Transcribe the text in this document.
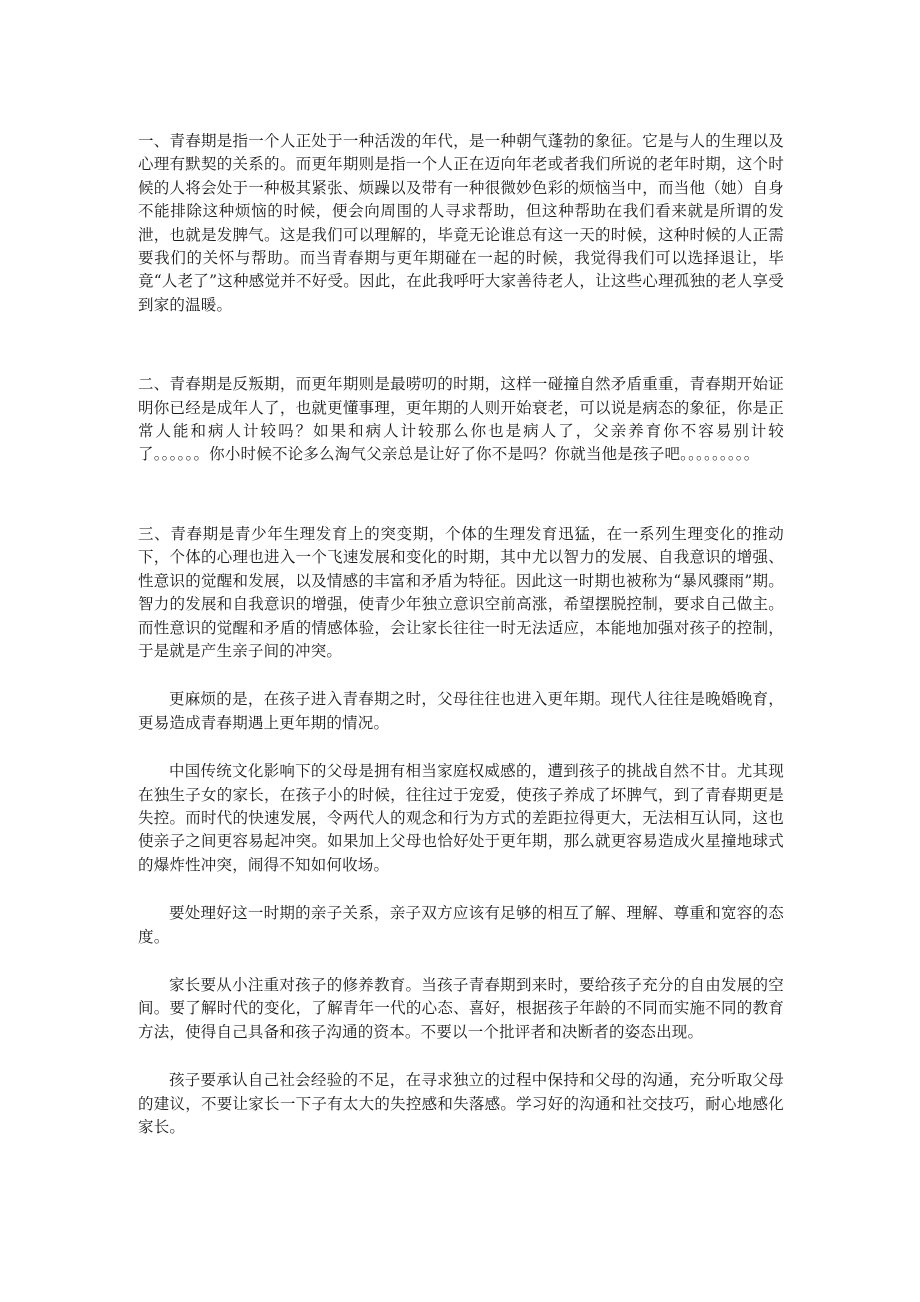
一、青春期是指一个人正处于一种活泼的年代，是一种朝气蓬勃的象征。它是与人的生理以及心理有默契的关系的。而更年期则是指一个人正在迈向年老或者我们所说的老年时期，这个时候的人将会处于一种极其紧张、烦躁以及带有一种很微妙色彩的烦恼当中，而当他（她）自身不能排除这种烦恼的时候，便会向周围的人寻求帮助，但这种帮助在我们看来就是所谓的发泄，也就是发脾气。这是我们可以理解的，毕竟无论谁总有这一天的时候，这种时候的人正需要我们的关怀与帮助。而当青春期与更年期碰在一起的时候，我觉得我们可以选择退让，毕竟“人老了”这种感觉并不好受。因此，在此我呼吁大家善待老人，让这些心理孤独的老人享受到家的温暖。

二、青春期是反叛期，而更年期则是最唠叨的时期，这样一碰撞自然矛盾重重，青春期开始证明你已经是成年人了，也就更懂事理，更年期的人则开始衰老，可以说是病态的象征，你是正常人能和病人计较吗？如果和病人计较那么你也是病人了，父亲养育你不容易别计较了。。。。。。你小时候不论多么淘气父亲总是让好了你不是吗？你就当他是孩子吧。。。。。。。。。

三、青春期是青少年生理发育上的突变期，个体的生理发育迅猛，在一系列生理变化的推动下，个体的心理也进入一个飞速发展和变化的时期，其中尤以智力的发展、自我意识的增强、性意识的觉醒和发展，以及情感的丰富和矛盾为特征。因此这一时期也被称为“暴风骤雨”期。智力的发展和自我意识的增强，使青少年独立意识空前高涨，希望摆脱控制，要求自己做主。而性意识的觉醒和矛盾的情感体验，会让家长往往一时无法适应，本能地加强对孩子的控制，于是就是产生亲子间的冲突。

更麻烦的是，在孩子进入青春期之时，父母往往也进入更年期。现代人往往是晚婚晚育，更易造成青春期遇上更年期的情况。

中国传统文化影响下的父母是拥有相当家庭权威感的，遭到孩子的挑战自然不甘。尤其现在独生子女的家长，在孩子小的时候，往往过于宠爱，使孩子养成了坏脾气，到了青春期更是失控。而时代的快速发展，令两代人的观念和行为方式的差距拉得更大，无法相互认同，这也使亲子之间更容易起冲突。如果加上父母也恰好处于更年期，那么就更容易造成火星撞地球式的爆炸性冲突，闹得不知如何收场。

要处理好这一时期的亲子关系，亲子双方应该有足够的相互了解、理解、尊重和宽容的态度。

家长要从小注重对孩子的修养教育。当孩子青春期到来时，要给孩子充分的自由发展的空间。要了解时代的变化，了解青年一代的心态、喜好，根据孩子年龄的不同而实施不同的教育方法，使得自己具备和孩子沟通的资本。不要以一个批评者和决断者的姿态出现。

孩子要承认自己社会经验的不足，在寻求独立的过程中保持和父母的沟通，充分听取父母的建议，不要让家长一下子有太大的失控感和失落感。学习好的沟通和社交技巧，耐心地感化家长。
